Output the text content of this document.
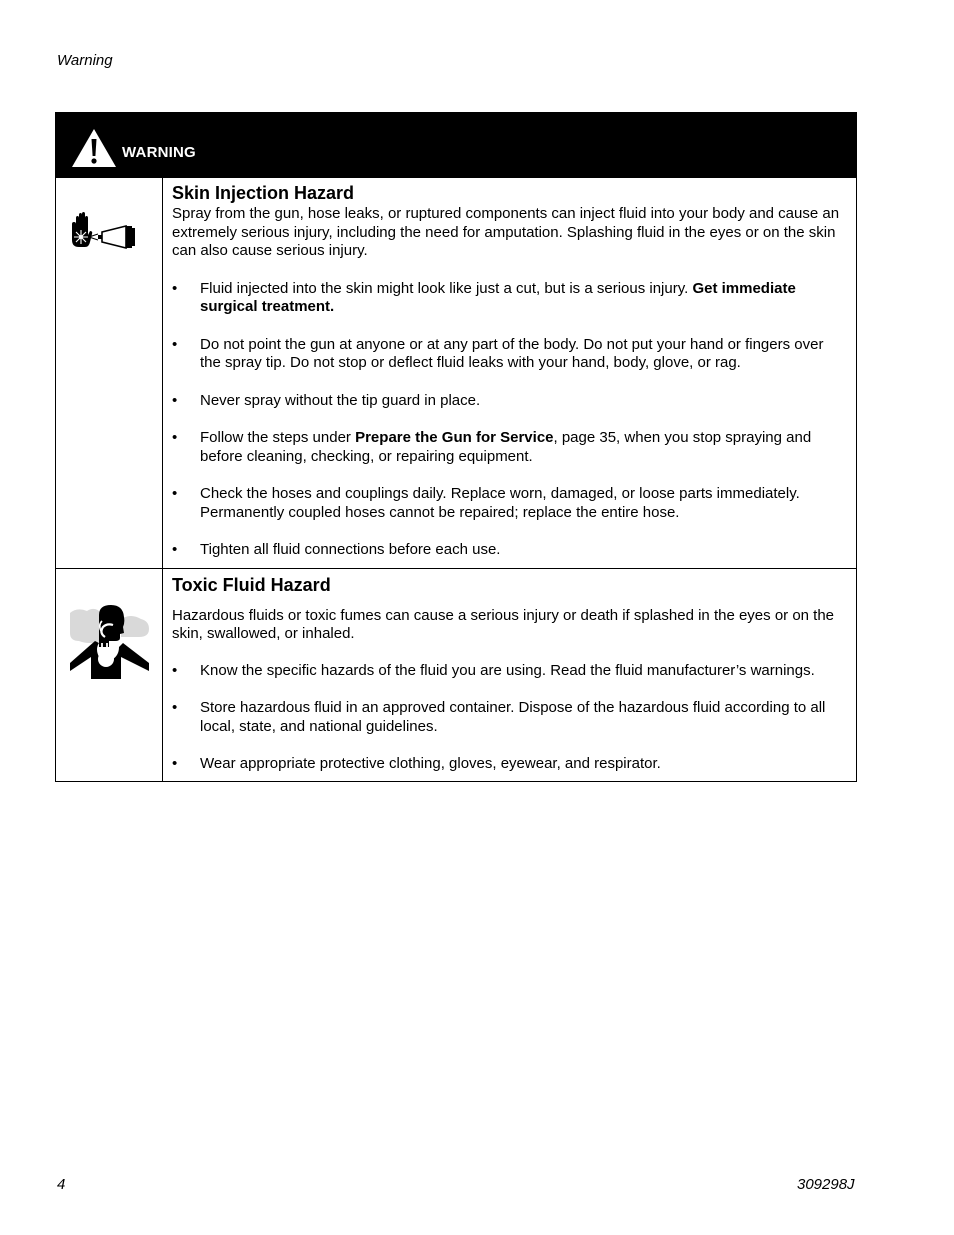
Warning
WARNING

Skin Injection Hazard

Spray from the gun, hose leaks, or ruptured components can inject fluid into your body and cause an extremely serious injury, including the need for amputation. Splashing fluid in the eyes or on the skin can also cause serious injury.

• Fluid injected into the skin might look like just a cut, but is a serious injury. Get immediate surgical treatment.
• Do not point the gun at anyone or at any part of the body. Do not put your hand or fingers over the spray tip. Do not stop or deflect fluid leaks with your hand, body, glove, or rag.
• Never spray without the tip guard in place.
• Follow the steps under Prepare the Gun for Service, page 35, when you stop spraying and before cleaning, checking, or repairing equipment.
• Check the hoses and couplings daily. Replace worn, damaged, or loose parts immediately. Permanently coupled hoses cannot be repaired; replace the entire hose.
• Tighten all fluid connections before each use.

Toxic Fluid Hazard

Hazardous fluids or toxic fumes can cause a serious injury or death if splashed in the eyes or on the skin, swallowed, or inhaled.

• Know the specific hazards of the fluid you are using. Read the fluid manufacturer’s warnings.
• Store hazardous fluid in an approved container. Dispose of the hazardous fluid according to all local, state, and national guidelines.
• Wear appropriate protective clothing, gloves, eyewear, and respirator.
4	309298J
